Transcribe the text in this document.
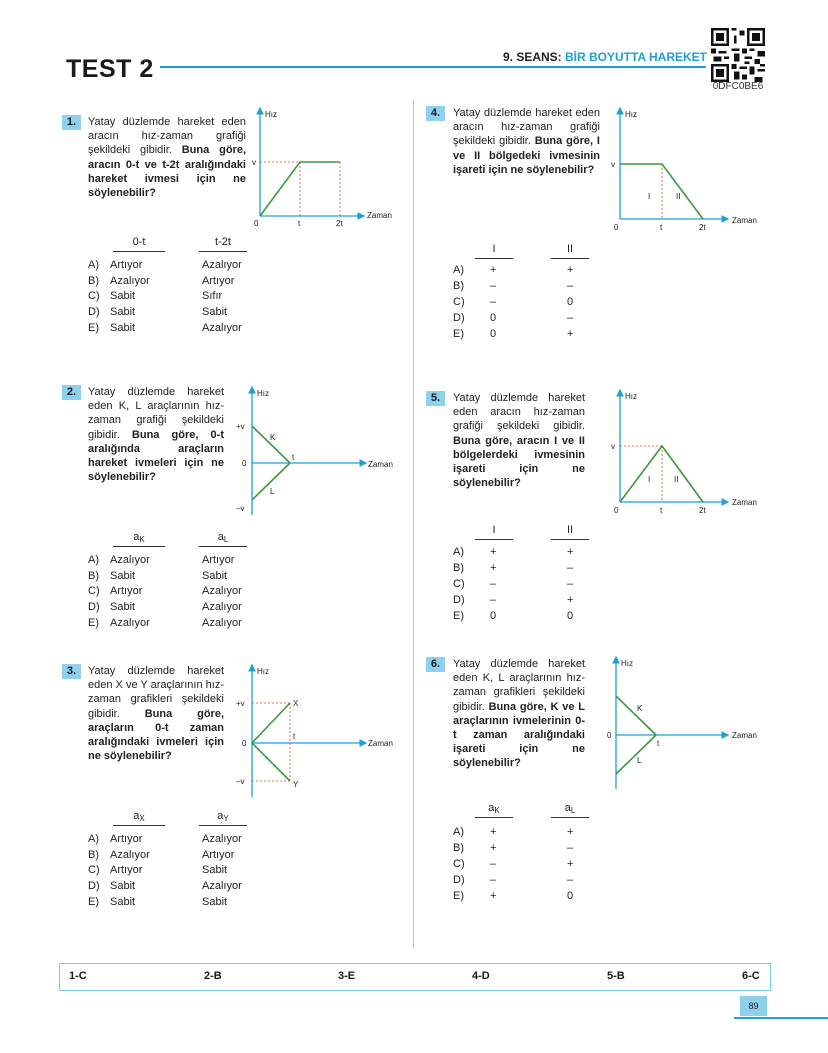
TEST 2	9. SEANS: BİR BOYUTTA HAREKET
0DFC0BE6
1.	Yatay düzlemde hareket eden aracın hız-zaman grafiği şekildeki gibidir. Buna göre, aracın 0-t ve t-2t aralığındaki hareket ivmesi için ne söylenebilir?
Hız
Zaman
v
0	t	2t
0-t	t-2t
A) Artıyor	Azalıyor
B) Azalıyor	Artıyor
C) Sabit	Sıfır
D) Sabit	Sabit
E) Sabit	Azalıyor
2.	Yatay düzlemde hareket eden K, L araçlarının hız-zaman grafiği şekildeki gibidir. Buna göre, 0-t aralığında araçların hareket ivmeleri için ne söylenebilir?
Hız
Zaman
+v
0
–v
t
K
L
$a_K$	$a_L$
A) Azalıyor	Artıyor
B) Sabit	Sabit
C) Artıyor	Azalıyor
D) Sabit	Azalıyor
E) Azalıyor	Azalıyor
3.	Yatay düzlemde hareket eden X ve Y araçlarının hız-zaman grafikleri şekildeki gibidir. Buna göre, araçların 0-t zaman aralığındaki ivmeleri için ne söylenebilir?
Hız
Zaman
+v
0
–v
t
X
Y
$a_X$	$a_Y$
A) Artıyor	Azalıyor
B) Azalıyor	Artıyor
C) Artıyor	Sabit
D) Sabit	Azalıyor
E) Sabit	Sabit
4.	Yatay düzlemde hareket eden aracın hız-zaman grafiği şekildeki gibidir. Buna göre, I ve II bölgedeki ivmesinin işareti için ne söylenebilir?
Hız
Zaman
v
0	t	2t
I	II
I	II
A) +	+
B) –	–
C) –	0
D) 0	–
E) 0	+
5.	Yatay düzlemde hareket eden aracın hız-zaman grafiği şekildeki gibidir. Buna göre, aracın I ve II bölgelerdeki ivmesinin işareti için ne söylenebilir?
Hız
Zaman
v
0	t	2t
I	II
I	II
A) +	+
B) +	–
C) –	–
D) –	+
E) 0	0
6.	Yatay düzlemde hareket eden K, L araçlarının hız-zaman grafikleri şekildeki gibidir. Buna göre, K ve L araçlarının ivmelerinin 0-t zaman aralığındaki işareti için ne söylenebilir?
Hız
Zaman
0
t
K
L
$a_K$	$a_L$
A) +	+
B) +	–
C) –	+
D) –	–
E) +	0
1-C	2-B	3-E	4-D	5-B	6-C
89
